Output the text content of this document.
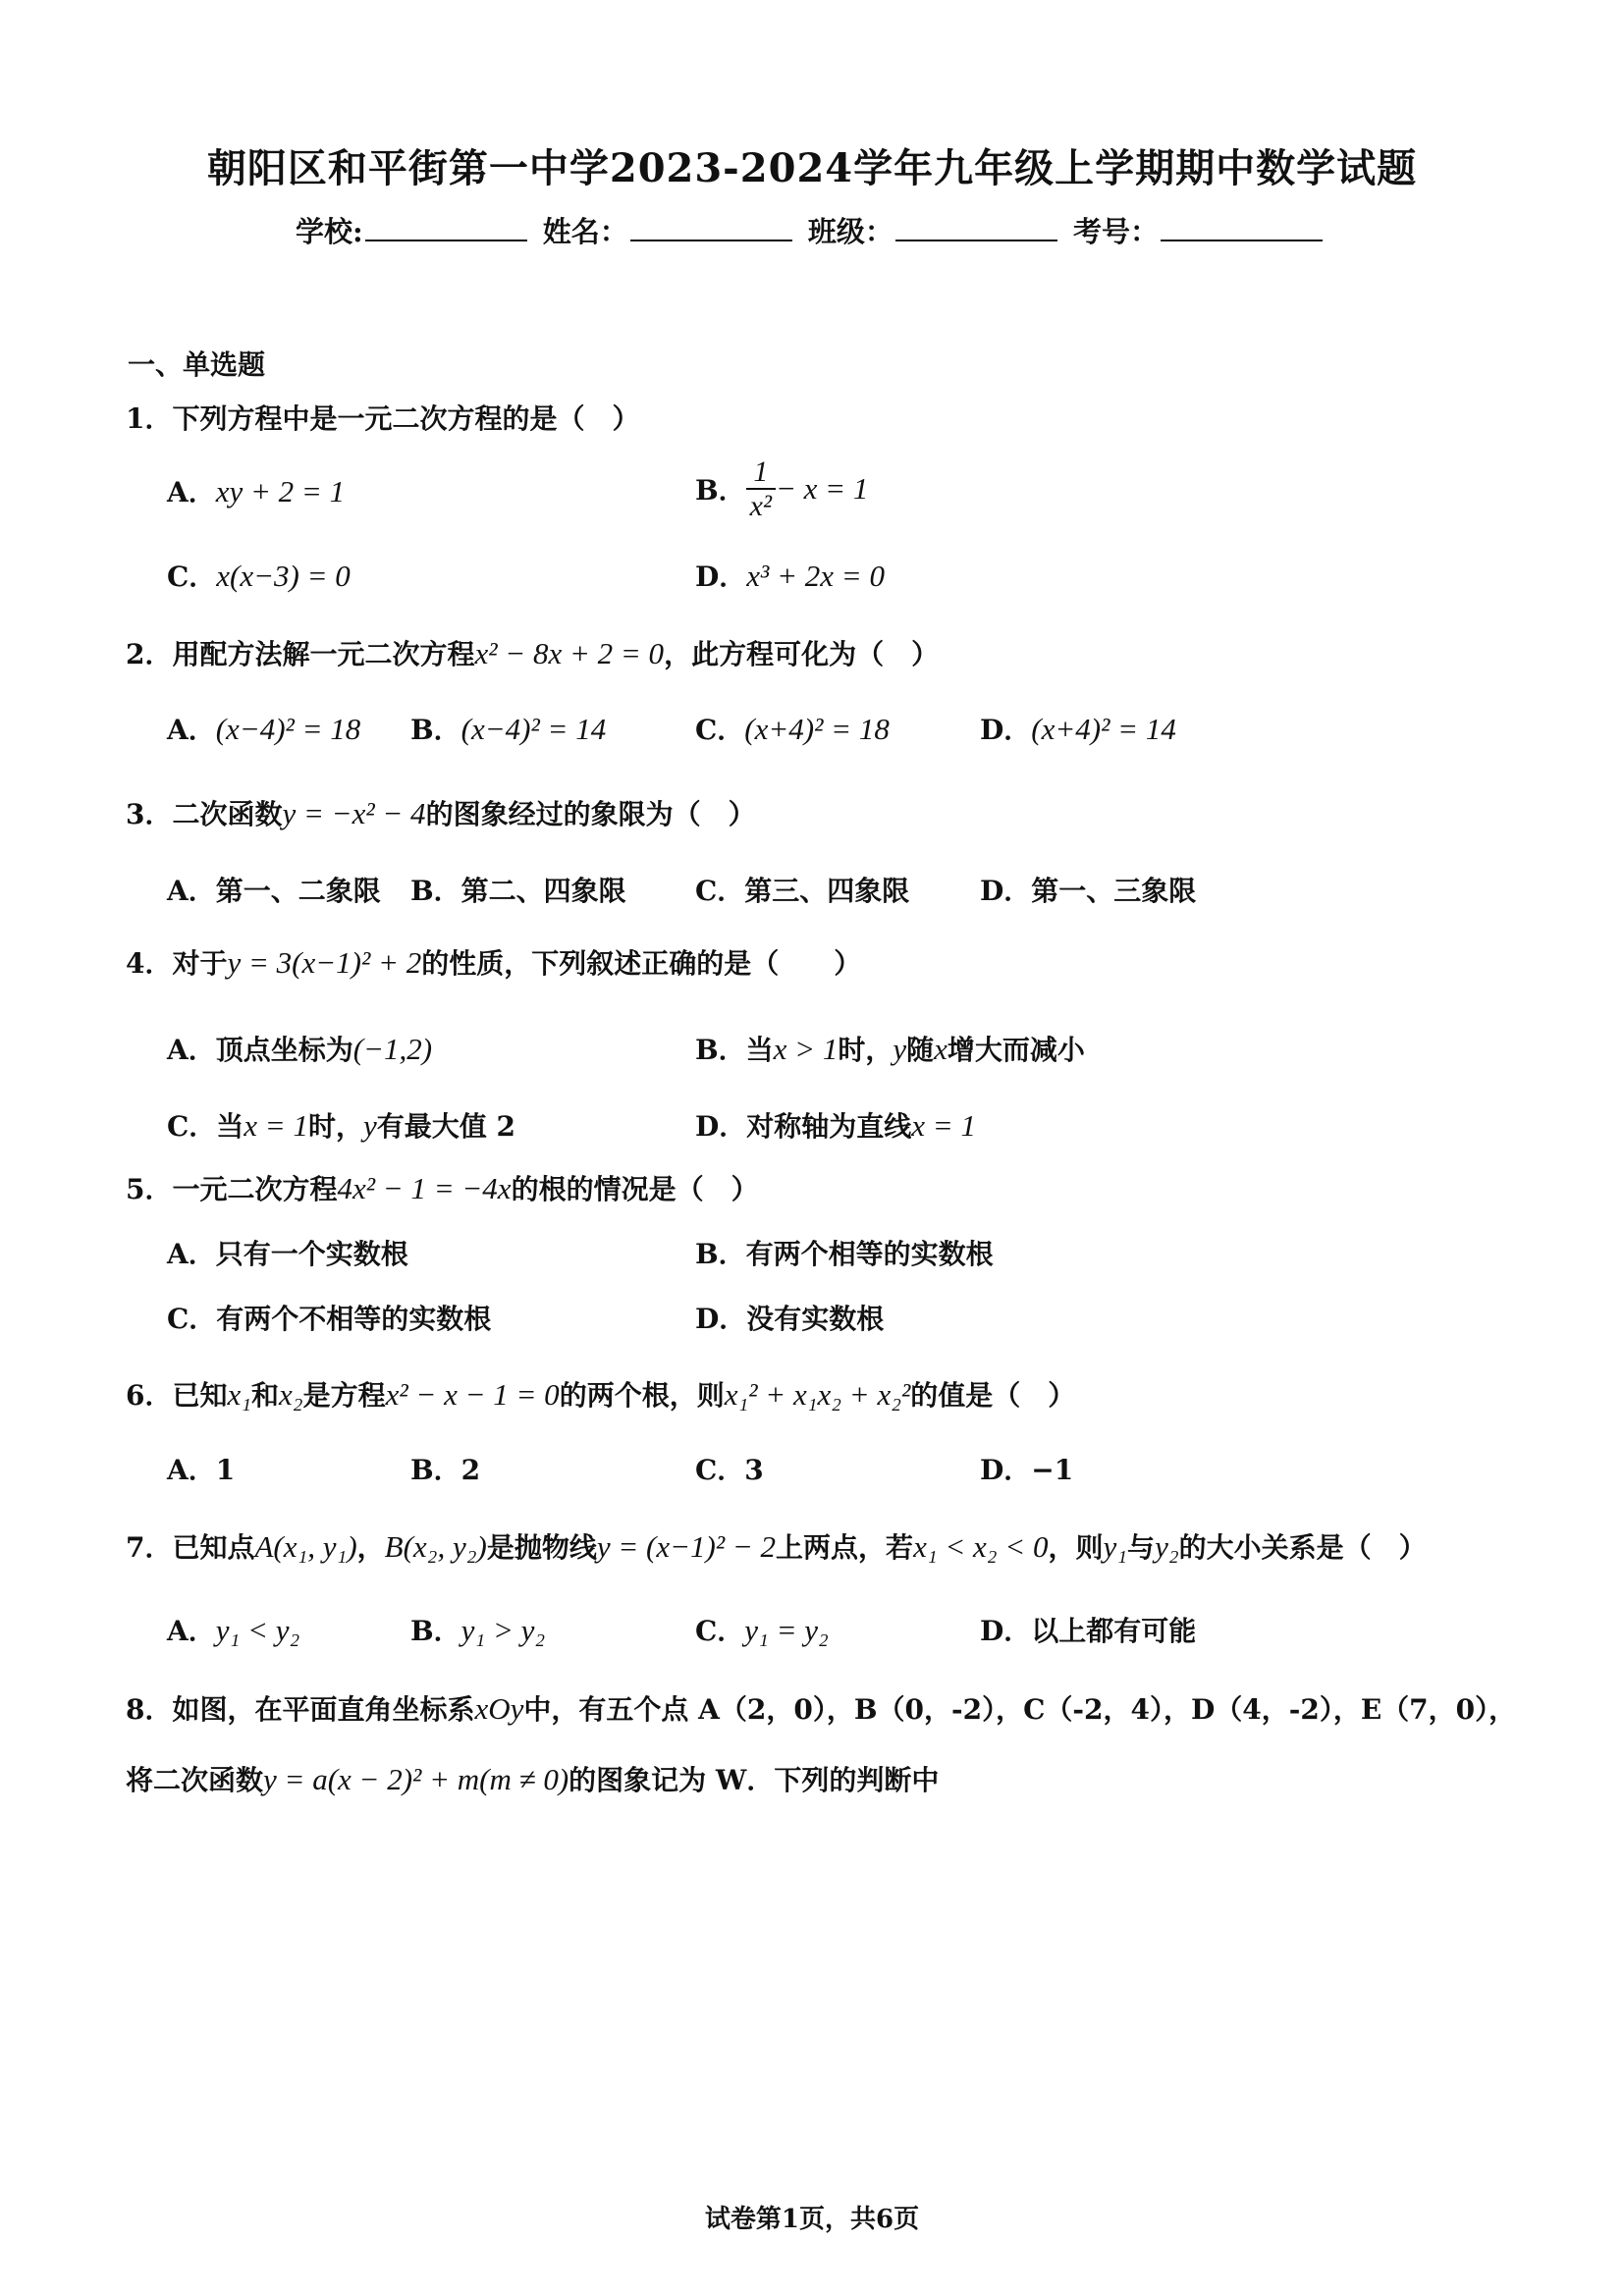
朝阳区和平街第一中学2023-2024学年九年级上学期期中数学试题
学校:	姓名：	班级：	考号：
一、单选题
1．下列方程中是一元二次方程的是（　）
A．xy + 2 = 1	B． $\frac{1}{\text{x²}} - x = 1$
C．x(x−3) = 0	D．x³ + 2x = 0
2．用配方法解一元二次方程x² − 8x + 2 = 0，此方程可化为（　）
A．(x−4)² = 18 B．(x−4)² = 14	C．(x+4)² = 18	D．(x+4)² = 14
3．二次函数y = −x² − 4的图象经过的象限为（　）
A．第一、二象限 B．第二、四象限	C．第三、四象限	D．第一、三象限
4．对于y = 3(x−1)² + 2的性质，下列叙述正确的是（　　）
A．顶点坐标为(−1,2)	B．当x > 1时，y随x增大而减小
C．当x = 1时，y有最大值 2	D．对称轴为直线x = 1
5．一元二次方程4x² − 1 = −4x的根的情况是（　）
A．只有一个实数根	B．有两个相等的实数根
C．有两个不相等的实数根	D．没有实数根
6．已知x₁和x₂是方程x² − x − 1 = 0的两个根，则x₁² + x₁x₂ + x₂²的值是（　）
A．1	B．2	C．3	D．−1
7．已知点A(x₁, y₁)，B(x₂, y₂)是抛物线y = (x−1)² − 2上两点，若x₁ < x₂ < 0，则y₁与y₂的大小关系是（　）
A．y₁ < y₂	B．y₁ > y₂	C．y₁ = y₂	D．以上都有可能
8．如图，在平面直角坐标系xOy中，有五个点 A（2，0），B（0，-2），C（-2，4），D（4，-2），E（7，0），
将二次函数y = a(x − 2)² + m(m ≠ 0)的图象记为 W．下列的判断中
试卷第1页，共6页
